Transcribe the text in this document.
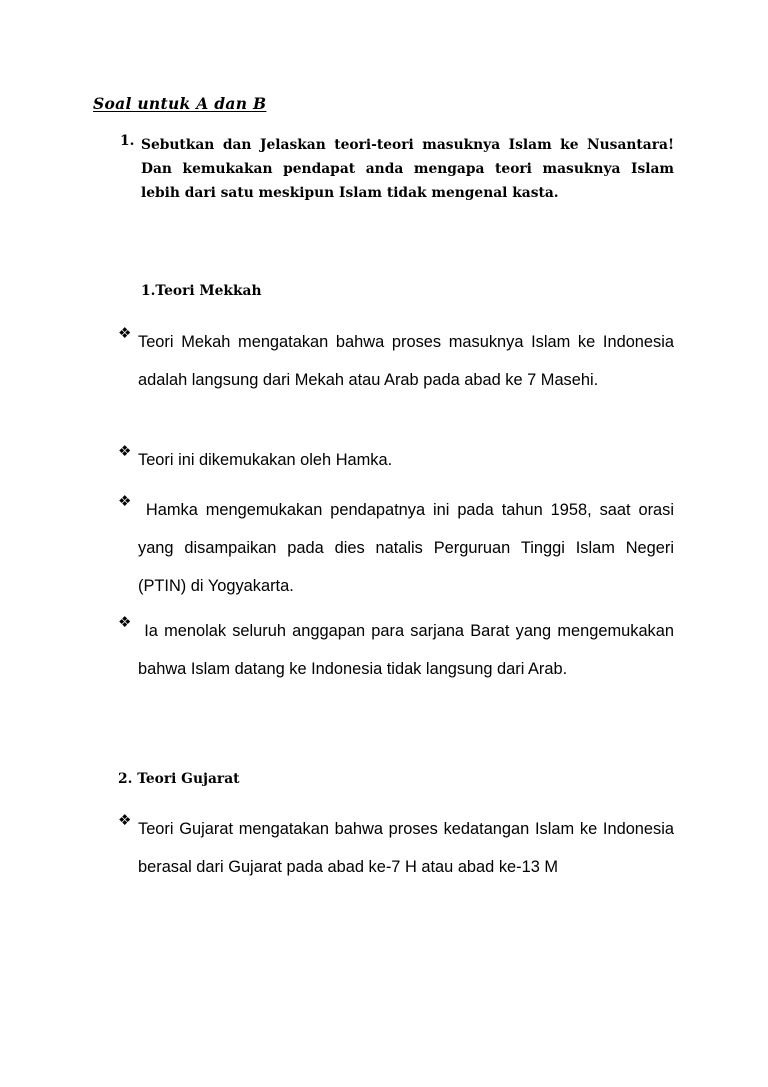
Soal untuk A dan B
1. Sebutkan dan Jelaskan teori-teori masuknya Islam ke Nusantara! Dan kemukakan pendapat anda mengapa teori masuknya Islam lebih dari satu meskipun Islam tidak mengenal kasta.
1.Teori Mekkah
❖ Teori Mekah mengatakan bahwa proses masuknya Islam ke Indonesia adalah langsung dari Mekah atau Arab pada abad ke 7 Masehi.
❖ Teori ini dikemukakan oleh Hamka.
❖ Hamka mengemukakan pendapatnya ini pada tahun 1958, saat orasi yang disampaikan pada dies natalis Perguruan Tinggi Islam Negeri (PTIN) di Yogyakarta.
❖ Ia menolak seluruh anggapan para sarjana Barat yang mengemukakan bahwa Islam datang ke Indonesia tidak langsung dari Arab.
2. Teori Gujarat
❖ Teori Gujarat mengatakan bahwa proses kedatangan Islam ke Indonesia berasal dari Gujarat pada abad ke-7 H atau abad ke-13 M
